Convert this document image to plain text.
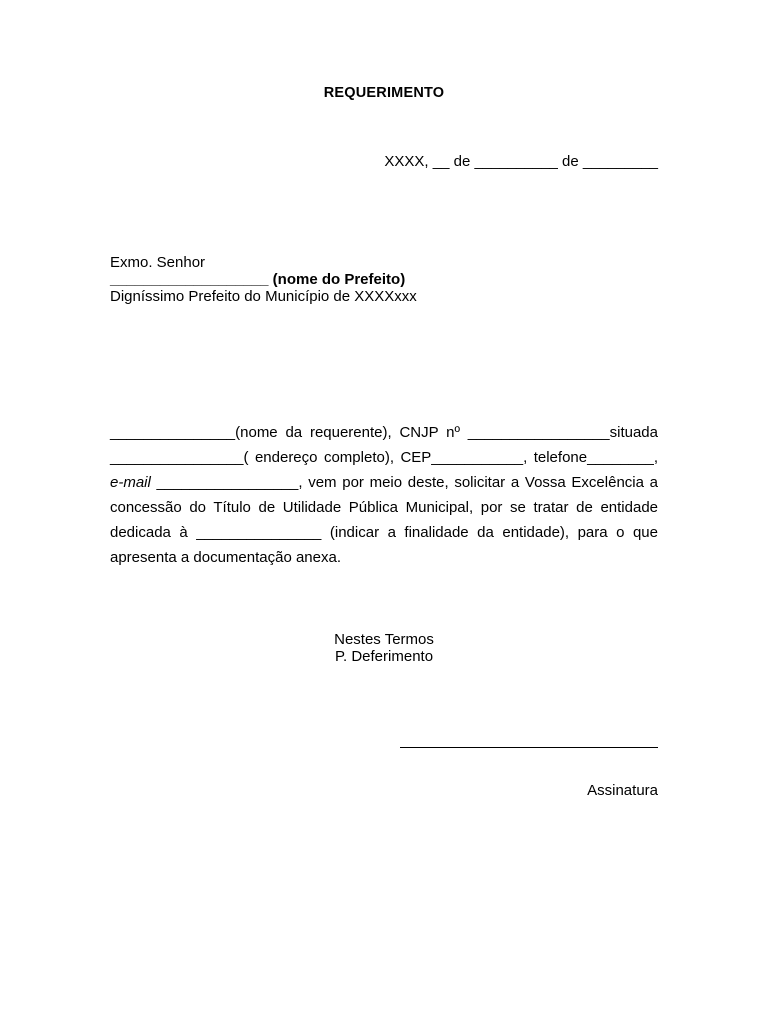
REQUERIMENTO
XXXX, __ de __________ de _________
Exmo. Senhor
___________________ (nome do Prefeito)
Digníssimo Prefeito do Município de XXXXxxx

_______________(nome da requerente), CNJP nº _________________situada ________________( endereço completo), CEP___________, telefone________, e-mail _________________, vem por meio deste, solicitar a Vossa Excelência a concessão do Título de Utilidade Pública Municipal, por se tratar de entidade dedicada à _______________ (indicar a finalidade da entidade), para o que apresenta a documentação anexa.

Nestes Termos
P. Deferimento

Assinatura
